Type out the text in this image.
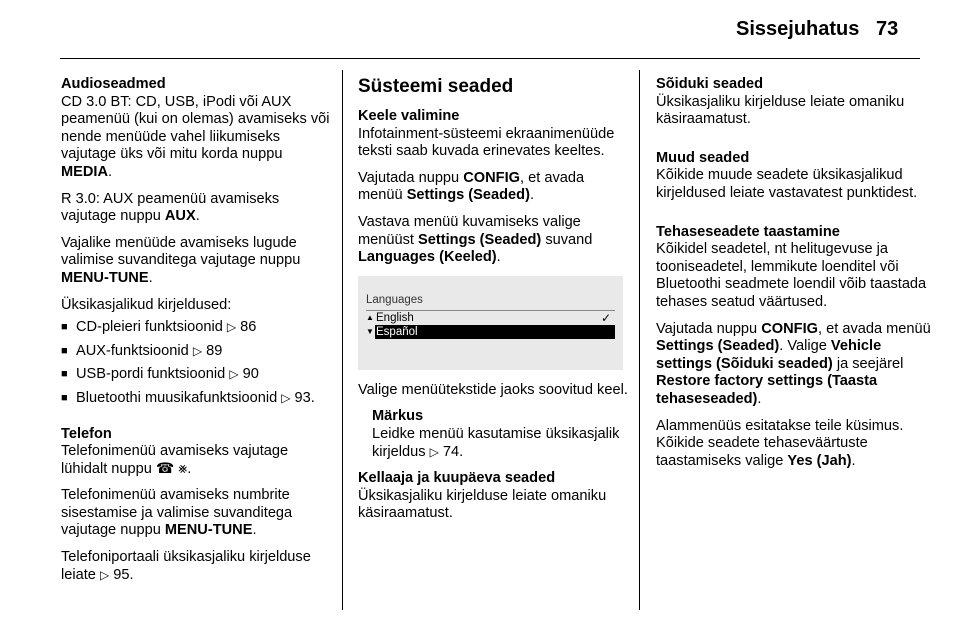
Sissejuhatus 73
Audioseadmed

CD 3.0 BT: CD, USB, iPodi või AUX peamenüü (kui on olemas) avamiseks või nende menüüde vahel liikumiseks vajutage üks või mitu korda nuppu MEDIA.

R 3.0: AUX peamenüü avamiseks vajutage nuppu AUX.

Vajalike menüüde avamiseks lugude valimise suvanditega vajutage nuppu MENU-TUNE.

Üksikasjalikud kirjeldused:

■ CD-pleieri funktsioonid ▷ 86
■ AUX-funktsioonid ▷ 89
■ USB-pordi funktsioonid ▷ 90
■ Bluetoothi muusikafunktsioonid ▷ 93.
Telefon

Telefonimenüü avamiseks vajutage lühidalt nuppu ☎ ⨳.

Telefonimenüü avamiseks numbrite sisestamise ja valimise suvanditega vajutage nuppu MENU-TUNE.

Telefoniportaali üksikasjaliku kirjelduse leiate ▷ 95.

Süsteemi seaded
Keele valimine

Infotainment-süsteemi ekraanimenüüde teksti saab kuvada erinevates keeltes.

Vajutada nuppu CONFIG, et avada menüü Settings (Seaded).

Vastava menüü kuvamiseks valige menüüst Settings (Seaded) suvand Languages (Keeled).

Languages
▲ English	✓
▼ Español

Valige menüütekstide jaoks soovitud keel.

Märkus
Leidke menüü kasutamise üksikasjalik kirjeldus ▷ 74.
Kellaaja ja kuupäeva seaded

Üksikasjaliku kirjelduse leiate omaniku käsiraamatust.

Sõiduki seaded

Üksikasjaliku kirjelduse leiate omaniku käsiraamatust.

Muud seaded

Kõikide muude seadete üksikasjalikud kirjeldused leiate vastavatest punktidest.

Tehaseseadete taastamine

Kõikidel seadetel, nt helitugevuse ja tooniseadetel, lemmikute loenditel või Bluetoothi seadmete loendil võib taastada tehases seatud väärtused.

Vajutada nuppu CONFIG, et avada menüü Settings (Seaded). Valige Vehicle settings (Sõiduki seaded) ja seejärel Restore factory settings (Taasta tehaseseaded).

Alammenüüs esitatakse teile küsimus. Kõikide seadete tehaseväärtuste taastamiseks valige Yes (Jah).
